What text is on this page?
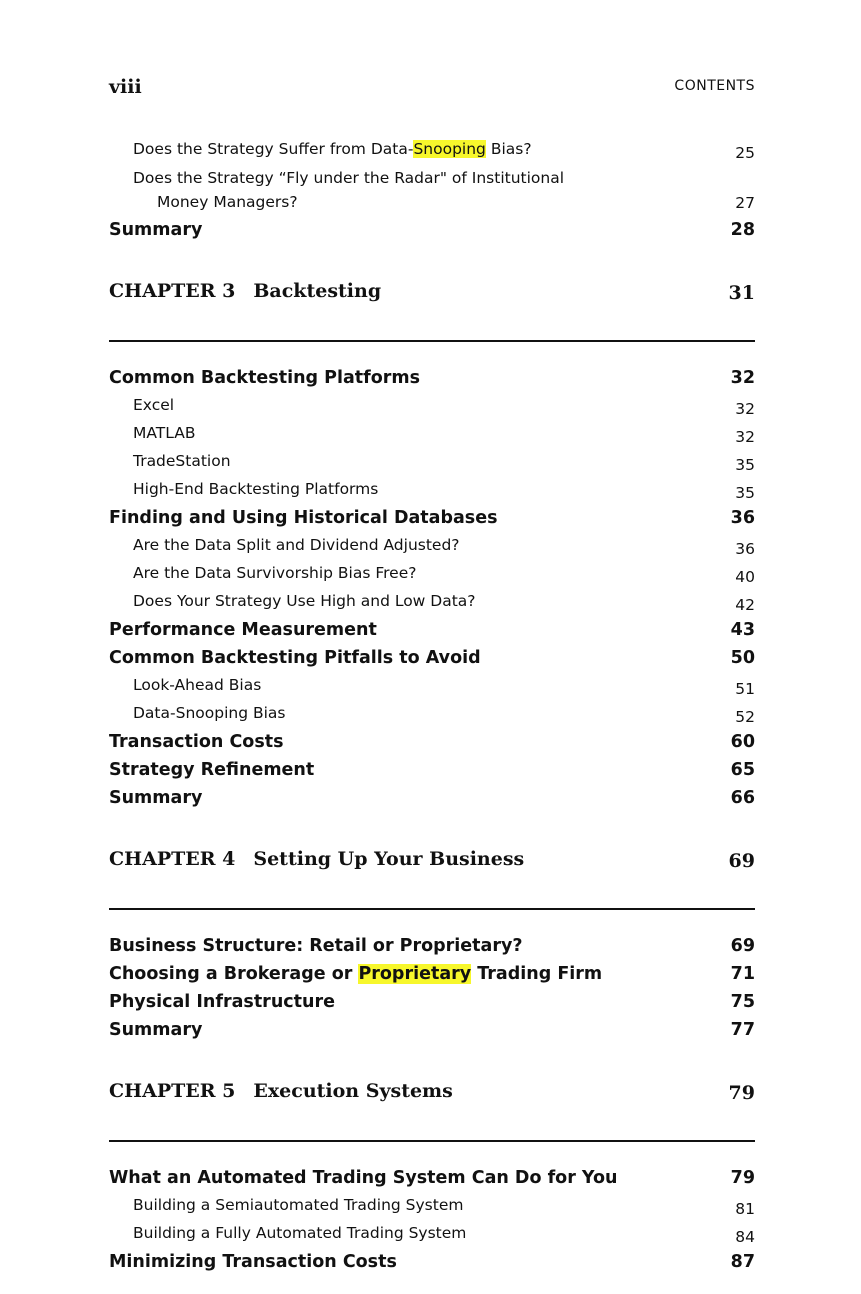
viii	CONTENTS
Does the Strategy Suffer from Data-Snooping Bias?	25
Does the Strategy “Fly under the Radar" of Institutional
Money Managers?	27
Summary	28
CHAPTER 3 Backtesting	31
Common Backtesting Platforms	32
Excel	32
MATLAB	32
TradeStation	35
High-End Backtesting Platforms	35
Finding and Using Historical Databases	36
Are the Data Split and Dividend Adjusted?	36
Are the Data Survivorship Bias Free?	40
Does Your Strategy Use High and Low Data?	42
Performance Measurement	43
Common Backtesting Pitfalls to Avoid	50
Look-Ahead Bias	51
Data-Snooping Bias	52
Transaction Costs	60
Strategy Refinement	65
Summary	66
CHAPTER 4 Setting Up Your Business	69
Business Structure: Retail or Proprietary?	69
Choosing a Brokerage or Proprietary Trading Firm	71
Physical Infrastructure	75
Summary	77
CHAPTER 5 Execution Systems	79
What an Automated Trading System Can Do for You	79
Building a Semiautomated Trading System	81
Building a Fully Automated Trading System	84
Minimizing Transaction Costs	87
